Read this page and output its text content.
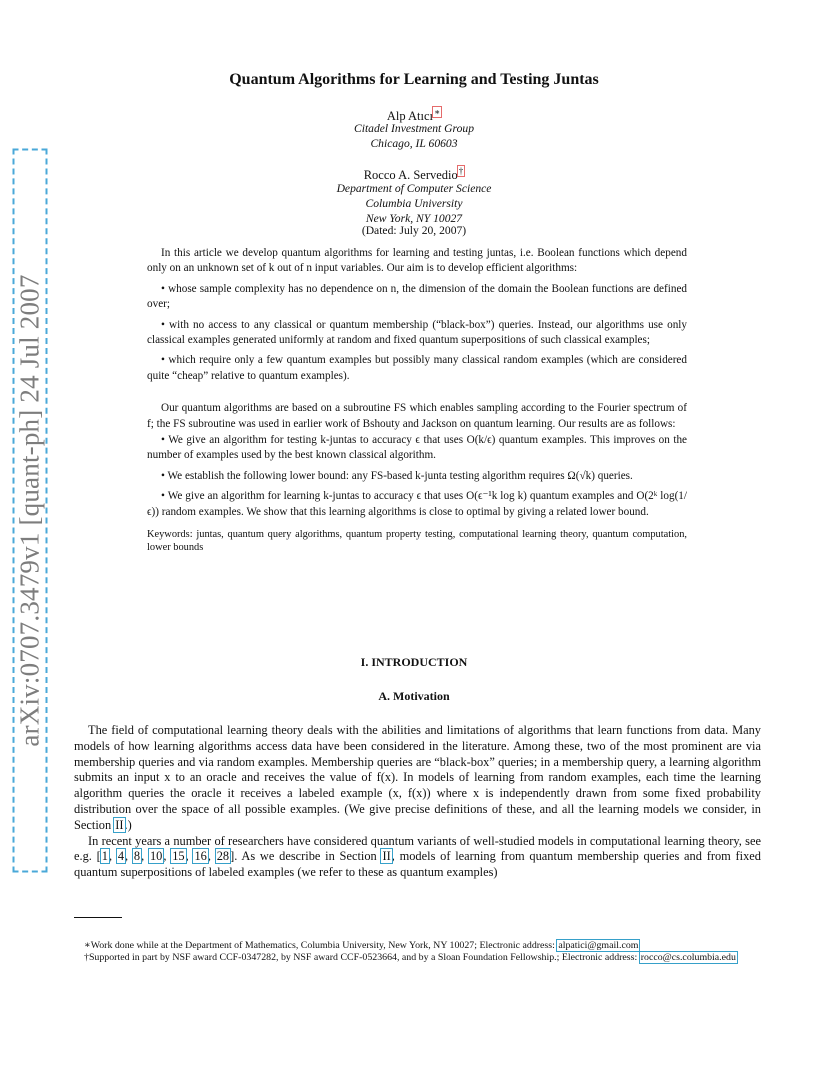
arXiv:0707.3479v1 [quant-ph] 24 Jul 2007
Quantum Algorithms for Learning and Testing Juntas
Alp Atıcı∗
Citadel Investment Group
Chicago, IL 60603
Rocco A. Servedio†
Department of Computer Science
Columbia University
New York, NY 10027
(Dated: July 20, 2007)

In this article we develop quantum algorithms for learning and testing juntas, i.e. Boolean functions which depend only on an unknown set of k out of n input variables. Our aim is to develop efficient algorithms:

• whose sample complexity has no dependence on n, the dimension of the domain the Boolean functions are defined over;

• with no access to any classical or quantum membership (“black-box”) queries. Instead, our algorithms use only classical examples generated uniformly at random and fixed quantum superpositions of such classical examples;

• which require only a few quantum examples but possibly many classical random examples (which are considered quite “cheap” relative to quantum examples).

Our quantum algorithms are based on a subroutine FS which enables sampling according to the Fourier spectrum of f; the FS subroutine was used in earlier work of Bshouty and Jackson on quantum learning. Our results are as follows:

• We give an algorithm for testing k-juntas to accuracy ϵ that uses O(k/ϵ) quantum examples. This improves on the number of examples used by the best known classical algorithm.

• We establish the following lower bound: any FS-based k-junta testing algorithm requires Ω(√k) queries.

• We give an algorithm for learning k-juntas to accuracy ϵ that uses O(ϵ⁻¹k log k) quantum examples and O(2ᵏ log(1/ϵ)) random examples. We show that this learning algorithms is close to optimal by giving a related lower bound.

Keywords: juntas, quantum query algorithms, quantum property testing, computational learning theory, quantum computation, lower bounds

I. INTRODUCTION
A. Motivation

The field of computational learning theory deals with the abilities and limitations of algorithms that learn functions from data. Many models of how learning algorithms access data have been considered in the literature. Among these, two of the most prominent are via membership queries and via random examples. Membership queries are “black-box” queries; in a membership query, a learning algorithm submits an input x to an oracle and receives the value of f(x). In models of learning from random examples, each time the learning algorithm queries the oracle it receives a labeled example (x, f(x)) where x is independently drawn from some fixed probability distribution over the space of all possible examples. (We give precise definitions of these, and all the learning models we consider, in Section II.)

In recent years a number of researchers have considered quantum variants of well-studied models in computational learning theory, see e.g. [1, 4, 8, 10, 15, 16, 28]. As we describe in Section II, models of learning from quantum membership queries and from fixed quantum superpositions of labeled examples (we refer to these as quantum examples)

∗Work done while at the Department of Mathematics, Columbia University, New York, NY 10027; Electronic address: alpatici@gmail.com

†Supported in part by NSF award CCF-0347282, by NSF award CCF-0523664, and by a Sloan Foundation Fellowship.; Electronic address: rocco@cs.columbia.edu
